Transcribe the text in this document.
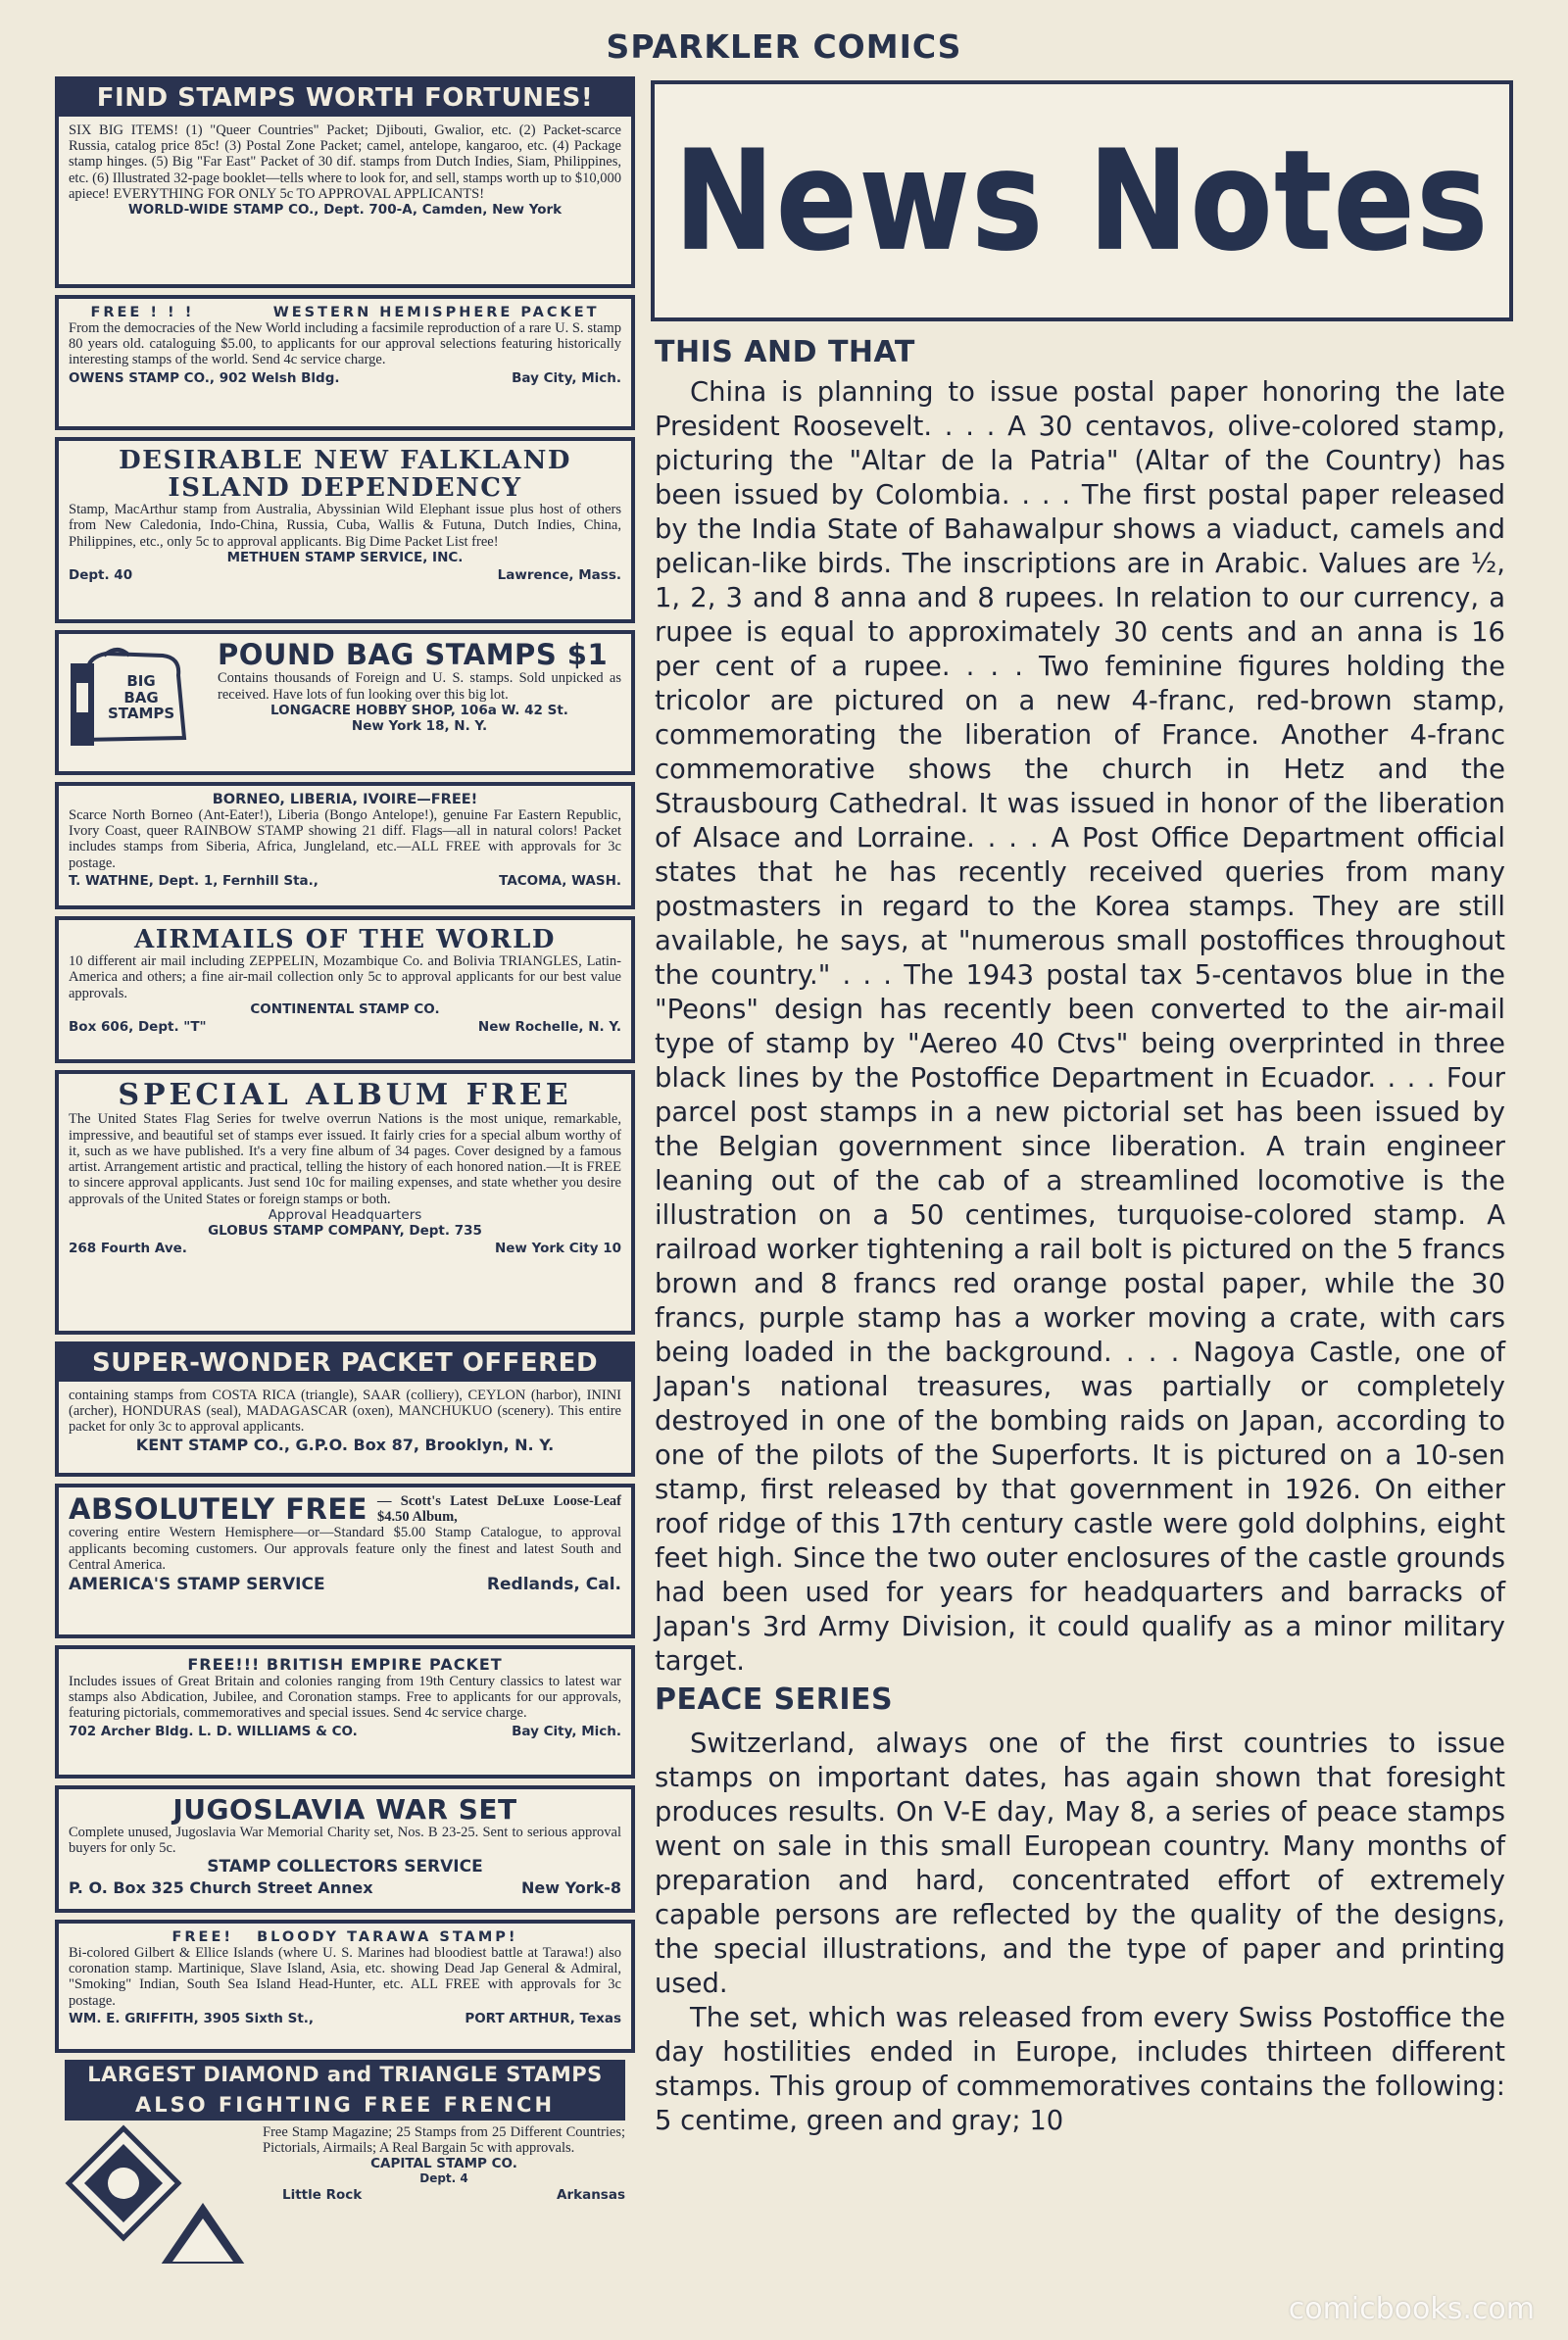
SPARKLER COMICS
FIND STAMPS WORTH FORTUNES!
SIX BIG ITEMS! (1) "Queer Countries" Packet; Djibouti, Gwalior, etc. (2) Packet-scarce Russia, catalog price 85c! (3) Postal Zone Packet; camel, antelope, kangaroo, etc. (4) Package stamp hinges. (5) Big "Far East" Packet of 30 dif. stamps from Dutch Indies, Siam, Philippines, etc. (6) Illustrated 32-page booklet—tells where to look for, and sell, stamps worth up to $10,000 apiece! EVERYTHING FOR ONLY 5c TO APPROVAL APPLICANTS!
WORLD-WIDE STAMP CO., Dept. 700-A, Camden, New York
FREE ! ! !          WESTERN HEMISPHERE PACKET
From the democracies of the New World including a facsimile reproduction of a rare U. S. stamp 80 years old. cataloguing $5.00, to applicants for our approval selections featuring historically interesting stamps of the world. Send 4c service charge.
OWENS STAMP CO., 902 Welsh Bldg.	Bay City, Mich.
DESIRABLE NEW FALKLAND ISLAND DEPENDENCY
Stamp, MacArthur stamp from Australia, Abyssinian Wild Elephant issue plus host of others from New Caledonia, Indo-China, Russia, Cuba, Wallis & Futuna, Dutch Indies, China, Philippines, etc., only 5c to approval applicants. Big Dime Packet List free!
METHUEN STAMP SERVICE, INC.
Dept. 40	Lawrence, Mass.
BIG BAG STAMPS
POUND BAG STAMPS $1
Contains thousands of Foreign and U. S. stamps. Sold unpicked as received. Have lots of fun looking over this big lot.
LONGACRE HOBBY SHOP, 106a W. 42 St.
New York 18, N. Y.
BORNEO, LIBERIA, IVOIRE—FREE!
Scarce North Borneo (Ant-Eater!), Liberia (Bongo Antelope!), genuine Far Eastern Republic, Ivory Coast, queer RAINBOW STAMP showing 21 diff. Flags—all in natural colors! Packet includes stamps from Siberia, Africa, Jungleland, etc.—ALL FREE with approvals for 3c postage.
T. WATHNE, Dept. 1, Fernhill Sta.,	TACOMA, WASH.
AIRMAILS OF THE WORLD
10 different air mail including ZEPPELIN, Mozambique Co. and Bolivia TRIANGLES, Latin-America and others; a fine air-mail collection only 5c to approval applicants for our best value approvals.
CONTINENTAL STAMP CO.
Box 606, Dept. "T"	New Rochelle, N. Y.
SPECIAL ALBUM FREE
The United States Flag Series for twelve overrun Nations is the most unique, remarkable, impressive, and beautiful set of stamps ever issued. It fairly cries for a special album worthy of it, such as we have published. It's a very fine album of 34 pages. Cover designed by a famous artist. Arrangement artistic and practical, telling the history of each honored nation.—It is FREE to sincere approval applicants. Just send 10c for mailing expenses, and state whether you desire approvals of the United States or foreign stamps or both.
Approval Headquarters
GLOBUS STAMP COMPANY, Dept. 735
268 Fourth Ave.	New York City 10
SUPER-WONDER PACKET OFFERED
containing stamps from COSTA RICA (triangle), SAAR (colliery), CEYLON (harbor), ININI (archer), HONDURAS (seal), MADAGASCAR (oxen), MANCHUKUO (scenery). This entire packet for only 3c to approval applicants.
KENT STAMP CO., G.P.O. Box 87, Brooklyn, N. Y.
ABSOLUTELY FREE — Scott's Latest DeLuxe Loose-Leaf $4.50 Album,
covering entire Western Hemisphere—or—Standard $5.00 Stamp Catalogue, to approval applicants becoming customers. Our approvals feature only the finest and latest South and Central America.
AMERICA'S STAMP SERVICE	Redlands, Cal.
FREE!!! BRITISH EMPIRE PACKET
Includes issues of Great Britain and colonies ranging from 19th Century classics to latest war stamps also Abdication, Jubilee, and Coronation stamps. Free to applicants for our approvals, featuring pictorials, commemoratives and special issues. Send 4c service charge.
702 Archer Bldg. L. D. WILLIAMS & CO.	Bay City, Mich.
JUGOSLAVIA WAR SET
Complete unused, Jugoslavia War Memorial Charity set, Nos. B 23-25. Sent to serious approval buyers for only 5c.
STAMP COLLECTORS SERVICE
P. O. Box 325 Church Street Annex	New York-8
FREE!   BLOODY TARAWA STAMP!
Bi-colored Gilbert & Ellice Islands (where U. S. Marines had bloodiest battle at Tarawa!) also coronation stamp. Martinique, Slave Island, Asia, etc. showing Dead Jap General & Admiral, "Smoking" Indian, South Sea Island Head-Hunter, etc. ALL FREE with approvals for 3c postage.
WM. E. GRIFFITH, 3905 Sixth St.,	PORT ARTHUR, Texas
LARGEST DIAMOND and TRIANGLE STAMPS
ALSO FIGHTING FREE FRENCH
Free Stamp Magazine; 25 Stamps from 25 Different Countries; Pictorials, Airmails; A Real Bargain 5c with approvals.
CAPITAL STAMP CO.
Dept. 4
Little Rock	Arkansas
News Notes
THIS AND THAT

China is planning to issue postal paper honoring the late President Roosevelt. . . . A 30 centavos, olive-colored stamp, picturing the "Altar de la Patria" (Altar of the Country) has been issued by Colombia. . . . The first postal paper released by the India State of Bahawalpur shows a viaduct, camels and pelican-like birds. The inscriptions are in Arabic. Values are ½, 1, 2, 3 and 8 anna and 8 rupees. In relation to our currency, a rupee is equal to approximately 30 cents and an anna is 16 per cent of a rupee. . . . Two feminine figures holding the tricolor are pictured on a new 4-franc, red-brown stamp, commemorating the liberation of France. Another 4-franc commemorative shows the church in Hetz and the Strausbourg Cathedral. It was issued in honor of the liberation of Alsace and Lorraine. . . . A Post Office Department official states that he has recently received queries from many postmasters in regard to the Korea stamps. They are still available, he says, at "numerous small postoffices throughout the country." . . . The 1943 postal tax 5-centavos blue in the "Peons" design has recently been converted to the air-mail type of stamp by "Aereo 40 Ctvs" being overprinted in three black lines by the Postoffice Department in Ecuador. . . . Four parcel post stamps in a new pictorial set has been issued by the Belgian government since liberation. A train engineer leaning out of the cab of a streamlined locomotive is the illustration on a 50 centimes, turquoise-colored stamp. A railroad worker tightening a rail bolt is pictured on the 5 francs brown and 8 francs red orange postal paper, while the 30 francs, purple stamp has a worker moving a crate, with cars being loaded in the background. . . . Nagoya Castle, one of Japan's national treasures, was partially or completely destroyed in one of the bombing raids on Japan, according to one of the pilots of the Superforts. It is pictured on a 10-sen stamp, first released by that government in 1926. On either roof ridge of this 17th century castle were gold dolphins, eight feet high. Since the two outer enclosures of the castle grounds had been used for years for headquarters and barracks of Japan's 3rd Army Division, it could qualify as a minor military target.

PEACE SERIES

Switzerland, always one of the first countries to issue stamps on important dates, has again shown that foresight produces results. On V-E day, May 8, a series of peace stamps went on sale in this small European country. Many months of preparation and hard, concentrated effort of extremely capable persons are reflected by the quality of the designs, the special illustrations, and the type of paper and printing used.

The set, which was released from every Swiss Postoffice the day hostilities ended in Europe, includes thirteen different stamps. This group of commemoratives contains the following: 5 centime, green and gray; 10

comicbooks.com
